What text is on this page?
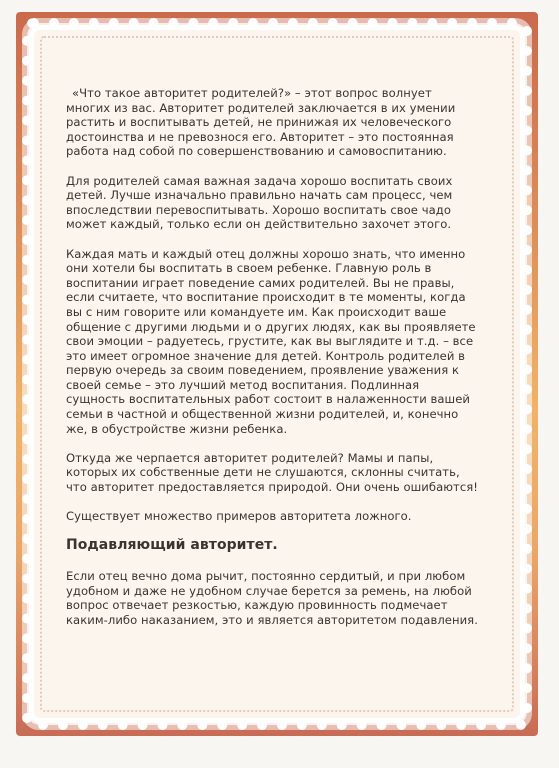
«Что такое авторитет родителей?» – этот вопрос волнует многих из вас. Авторитет родителей заключается в их умении растить и воспитывать детей, не принижая их человеческого достоинства и не превознося его. Авторитет – это постоянная работа над собой по совершенствованию и самовоспитанию.

Для родителей самая важная задача хорошо воспитать своих детей. Лучше изначально правильно начать сам процесс, чем впоследствии перевоспитывать. Хорошо воспитать свое чадо может каждый, только если он действительно захочет этого.

Каждая мать и каждый отец должны хорошо знать, что именно они хотели бы воспитать в своем ребенке. Главную роль в воспитании играет поведение самих родителей. Вы не правы, если считаете, что воспитание происходит в те моменты, когда вы с ним говорите или командуете им. Как происходит ваше общение с другими людьми и о других людях, как вы проявляете свои эмоции – радуетесь, грустите, как вы выглядите и т.д. – все это имеет огромное значение для детей. Контроль родителей в первую очередь за своим поведением, проявление уважения к своей семье – это лучший метод воспитания. Подлинная сущность воспитательных работ состоит в налаженности вашей семьи в частной и общественной жизни родителей, и, конечно же, в обустройстве жизни ребенка.

Откуда же черпается авторитет родителей? Мамы и папы, которых их собственные дети не слушаются, склонны считать, что авторитет предоставляется природой. Они очень ошибаются!

Существует множество примеров авторитета ложного.

Подавляющий авторитет.

Если отец вечно дома рычит, постоянно сердитый, и при любом удобном и даже не удобном случае берется за ремень, на любой вопрос отвечает резкостью, каждую провинность подмечает каким-либо наказанием, это и является авторитетом подавления.
